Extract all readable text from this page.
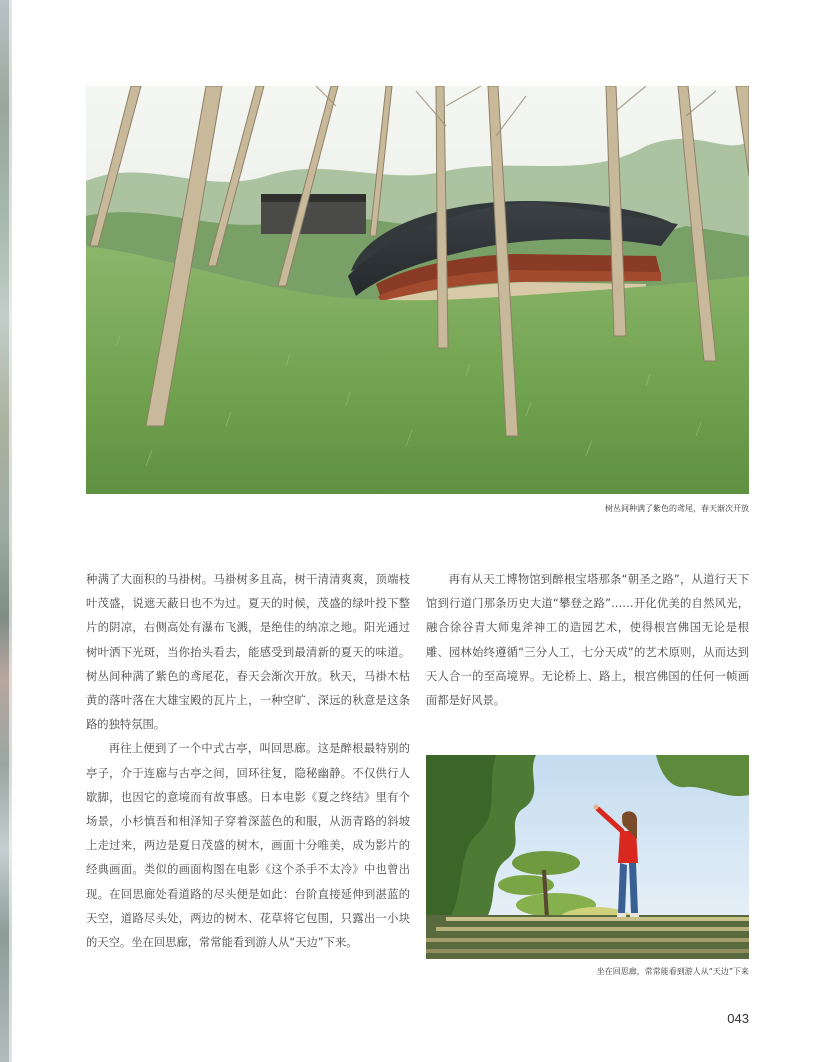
树丛间种满了紫色的鸢尾，春天渐次开放

种满了大面积的马褂树。马褂树多且高，树干清清爽爽，顶端枝叶茂盛，说遮天蔽日也不为过。夏天的时候，茂盛的绿叶投下整片的阴凉，右侧高处有瀑布飞溅，是绝佳的纳凉之地。阳光通过树叶洒下光斑，当你抬头看去，能感受到最清新的夏天的味道。树丛间种满了紫色的鸢尾花，春天会渐次开放。秋天，马褂木枯黄的落叶落在大雄宝殿的瓦片上，一种空旷、深远的秋意是这条路的独特氛围。

再往上便到了一个中式古亭，叫回思廊。这是醉根最特别的亭子，介于连廊与古亭之间，回环往复，隐秘幽静。不仅供行人歇脚，也因它的意境而有故事感。日本电影《夏之终结》里有个场景，小杉慎吾和相泽知子穿着深蓝色的和服，从沥青路的斜坡上走过来，两边是夏日茂盛的树木，画面十分唯美，成为影片的经典画面。类似的画面构图在电影《这个杀手不太冷》中也曾出现。在回思廊处看道路的尽头便是如此：台阶直接延伸到湛蓝的天空，道路尽头处，两边的树木、花草将它包围，只露出一小块的天空。坐在回思廊，常常能看到游人从“天边”下来。

再有从天工博物馆到醉根宝塔那条“朝圣之路”，从道行天下馆到行道门那条历史大道“攀登之路”……开化优美的自然风光，融合徐谷青大师鬼斧神工的造园艺术，使得根宫佛国无论是根雕、园林始终遵循“三分人工，七分天成”的艺术原则，从而达到天人合一的至高境界。无论桥上、路上，根宫佛国的任何一帧画面都是好风景。

坐在回思廊，常常能看到游人从“天边”下来
043
